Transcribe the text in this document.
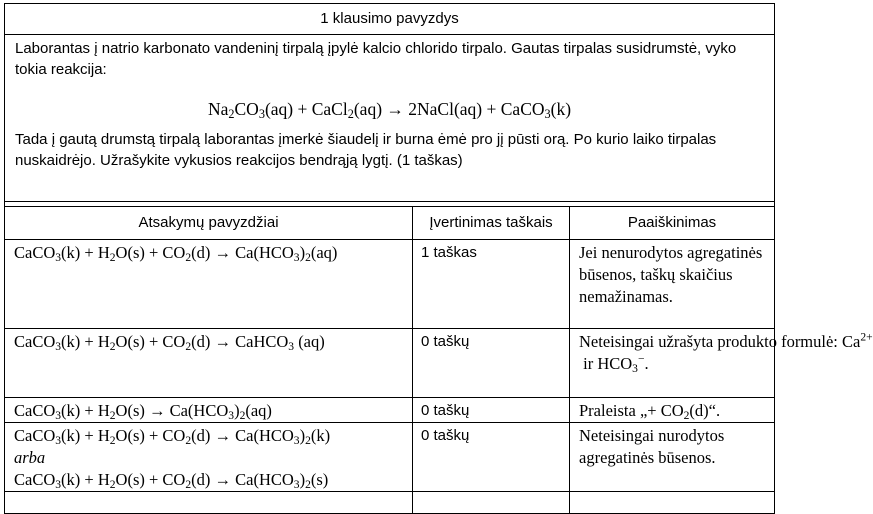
1 klausimo pavyzdys		

Laborantas į natrio karbonato vandeninį tirpalą įpylė kalcio chlorido tirpalo. Gautas tirpalas susidrumstė, vyko tokia reakcija:
$Na_2CO_3(aq)$ + CaCl$_2$(aq) → 2NaCl(aq) + CaCO$_3$(k)
Tada į gautą drumstą tirpalą laborantas įmerkė šiaudelį ir burna ėmė pro jį pūsti orą. Po kurio laiko tirpalas nuskaidrėjo. Užrašykite vykusios reakcijos bendrąją lygtį. (1 taškas)		

Atsakymų pavyzdžiai	Įvertinimas taškais	Paaiškinimas
CaCO$_3$(k) + $H_2O(s) + CO_2(d) \to Ca(HCO_3)_2(aq)$	1 taškas	Jei nenurodytos agregatinės būsenos, taškų skaičius nemažinamas.
CaCO$_3$(k) + $H_2O(s) + CO_2(d)$ → CaHCO$_3$ (aq)	0 taškų	Neteisingai užrašyta produkto formulė: $Ca^{2+}$ ir $HCO_3^-$.
CaCO$_3$(k) + $H_2O(s) \to Ca(HCO_3)_2(aq)$	0 taškų	Praleista „+ $CO_2(d)“$.

CaCO$_3$(k) + $H_2O(s) + CO_2(d) \to Ca(HCO_3)_2(k)$
arba
CaCO$_3$(k) + $H_2O(s) + CO_2(d) \to Ca(HCO_3)_2(s)$	0 taškų	Neteisingai nurodytos agregatinės būsenos.
